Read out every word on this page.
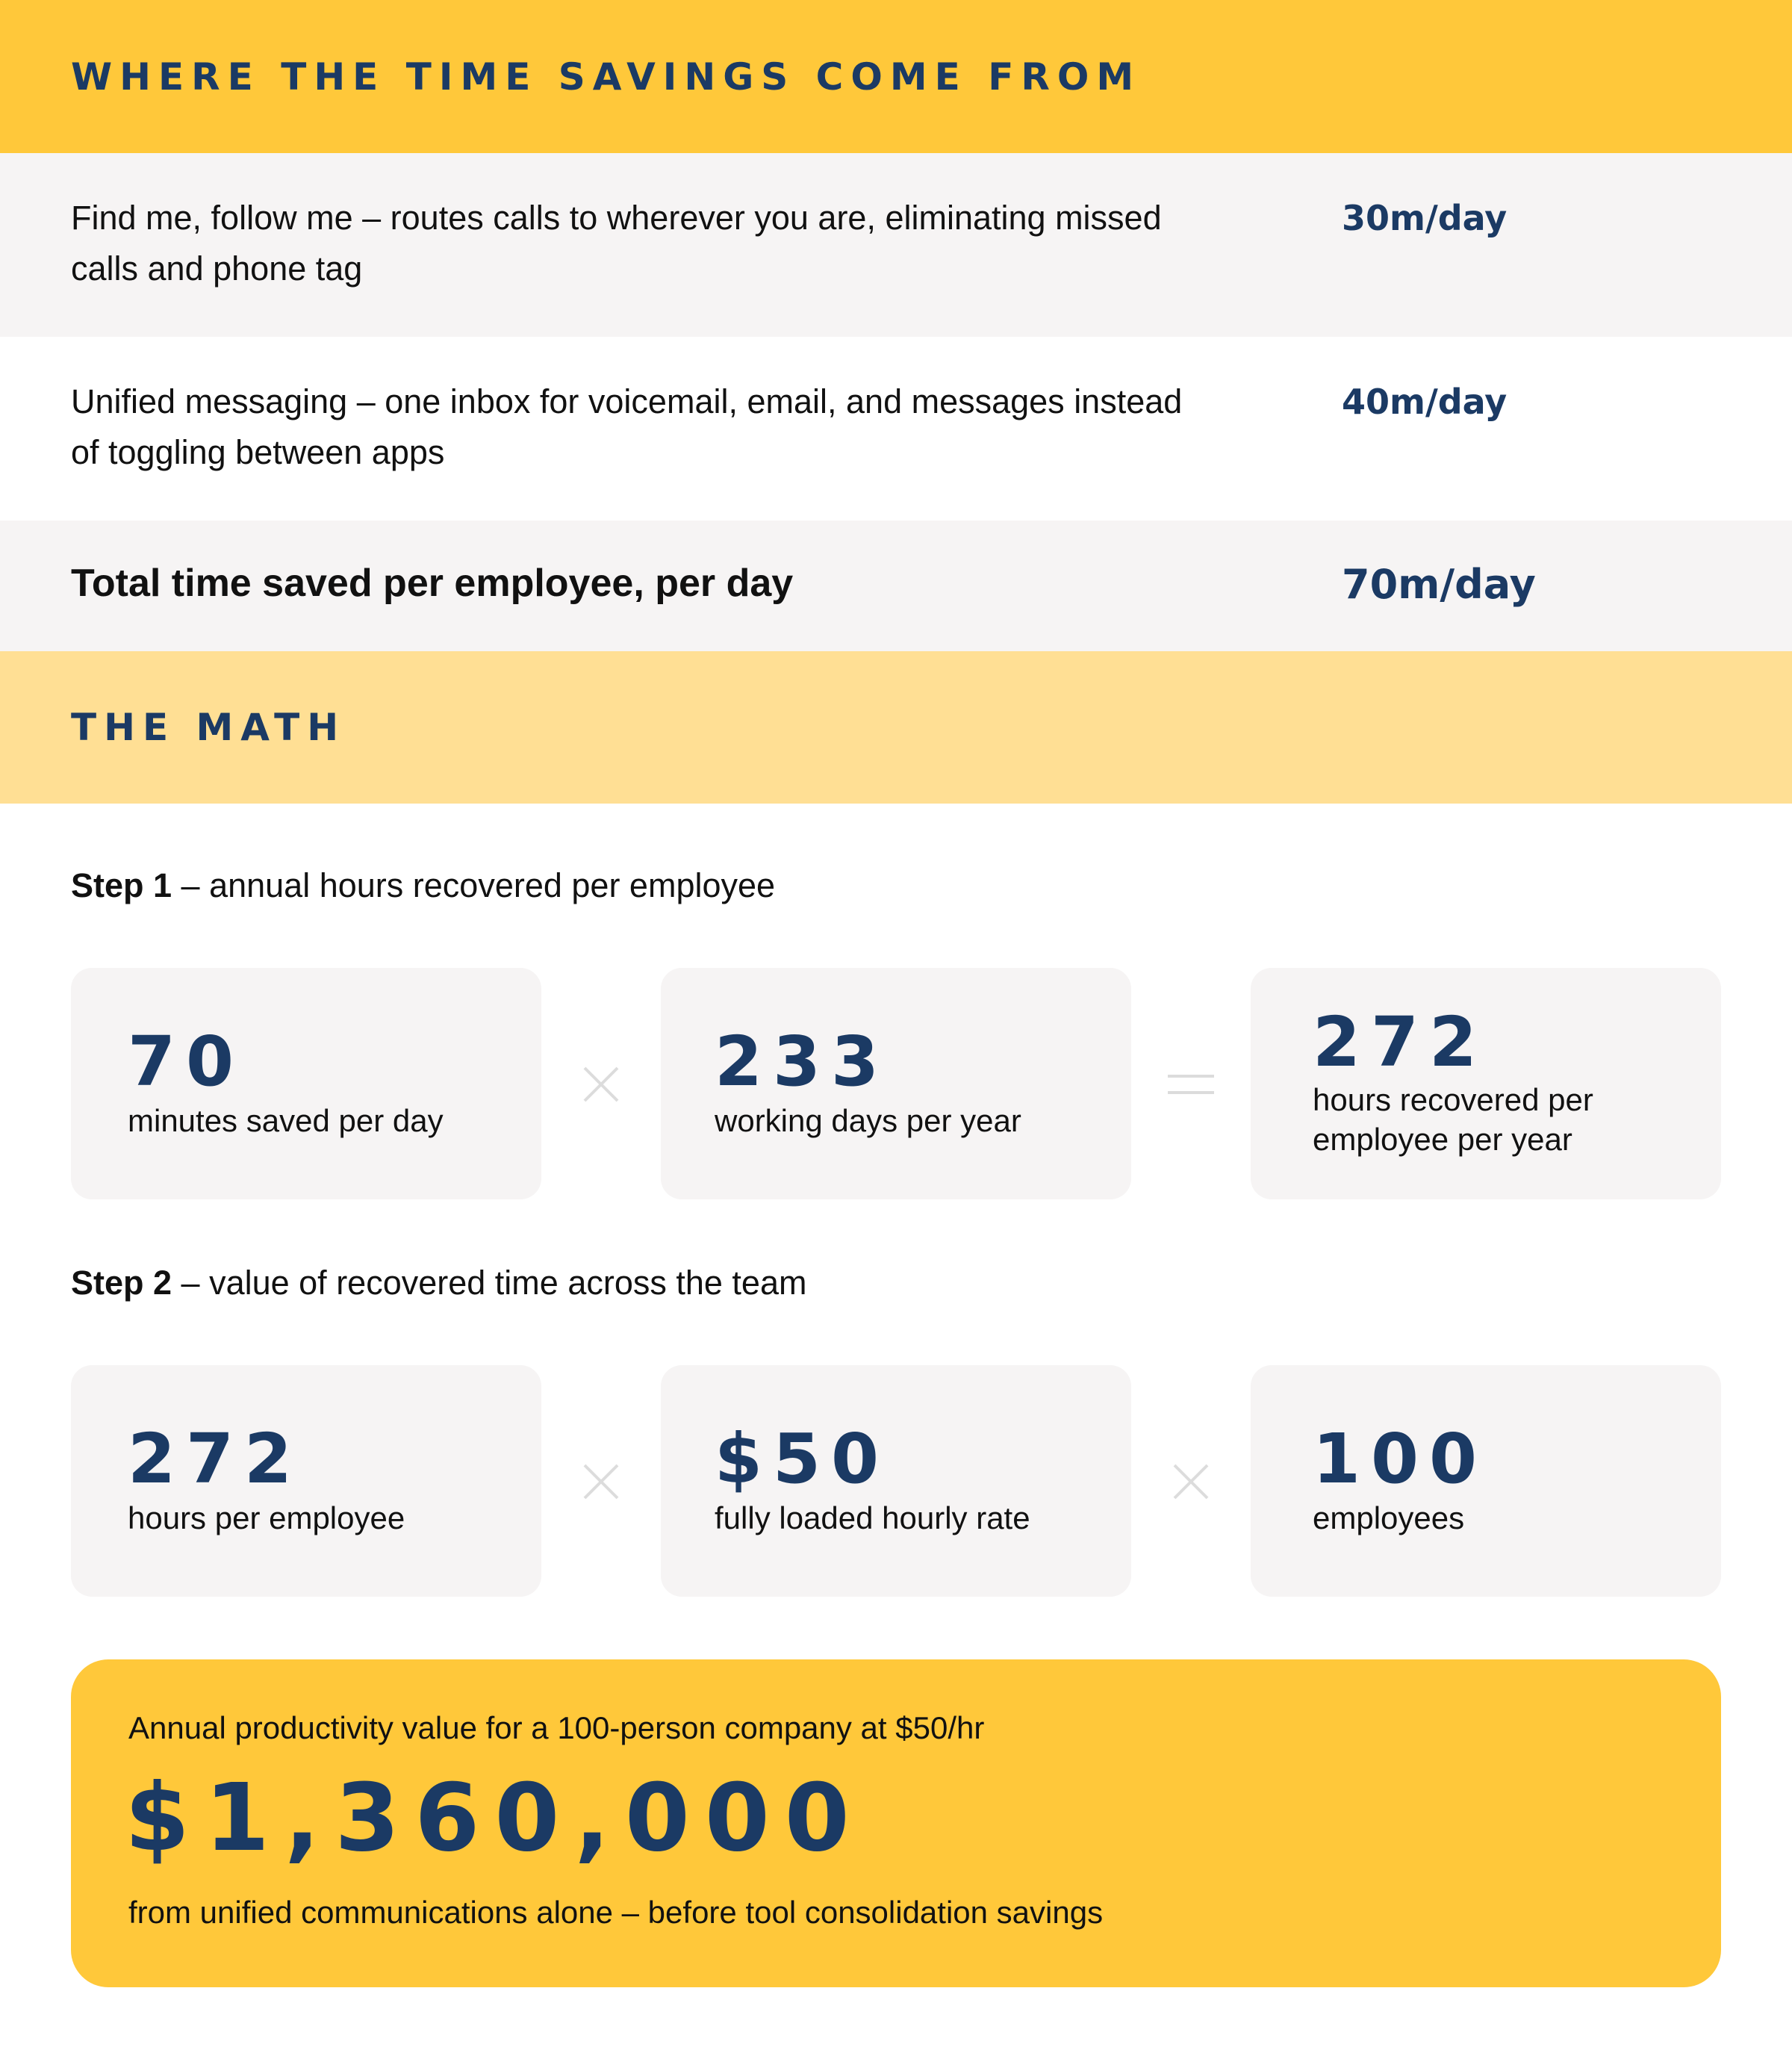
WHERE THE TIME SAVINGS COME FROM
Find me, follow me – routes calls to wherever you are, eliminating missed calls and phone tag
30m/day
Unified messaging – one inbox for voicemail, email, and messages instead of toggling between apps
40m/day
Total time saved per employee, per day	70m/day
THE MATH
Step 1 – annual hours recovered per employee
70
minutes saved per day
233
working days per year
272
hours recovered per employee per year
Step 2 – value of recovered time across the team
272
hours per employee
$50
fully loaded hourly rate
100
employees
Annual productivity value for a 100-person company at $50/hr
$1,360,000
from unified communications alone – before tool consolidation savings
